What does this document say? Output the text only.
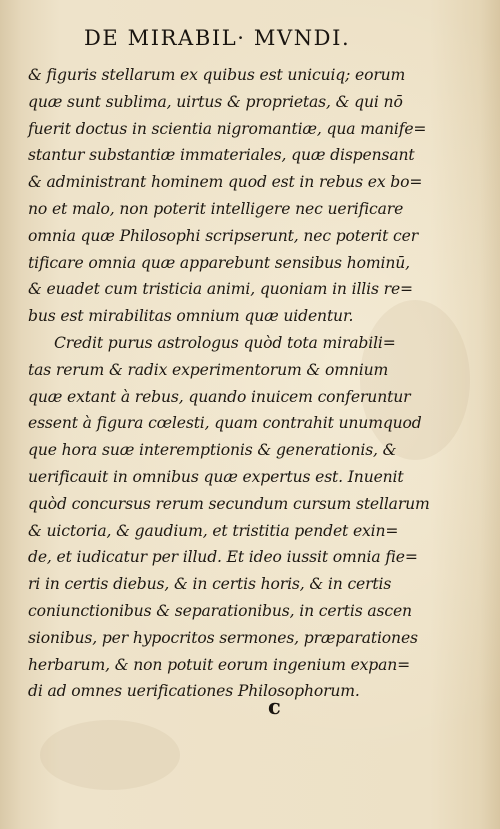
DE MIRABIL· MVNDI.

& figuris stellarum ex quibus est unicuiq; eorum
quæ sunt sublima, uirtus & proprietas, & qui nō
fuerit doctus in scientia nigromantiæ, qua manife=
stantur substantiæ immateriales, quæ dispensant
& administrant hominem quod est in rebus ex bo=
no et malo, non poterit intelligere nec uerificare
omnia quæ Philosophi scripserunt, nec poterit cer
tificare omnia quæ apparebunt sensibus hominū,
& euadet cum tristicia animi, quoniam in illis re=
bus est mirabilitas omnium quæ uidentur.

Credit purus astrologus quòd tota mirabili=
tas rerum & radix experimentorum & omnium
quæ extant à rebus, quando inuicem conferuntur
essent à figura cœlesti, quam contrahit unumquod
que hora suæ interemptionis & generationis, &
uerificauit in omnibus quæ expertus est. Inuenit
quòd concursus rerum secundum cursum stellarum
& uictoria, & gaudium, et tristitia pendet exin=
de, et iudicatur per illud. Et ideo iussit omnia fie=
ri in certis diebus, & in certis horis, & in certis
coniunctionibus & separationibus, in certis ascen
sionibus, per hypocritos sermones, præparationes
herbarum, & non potuit eorum ingenium expan=
di ad omnes uerificationes Philosophorum.

c
